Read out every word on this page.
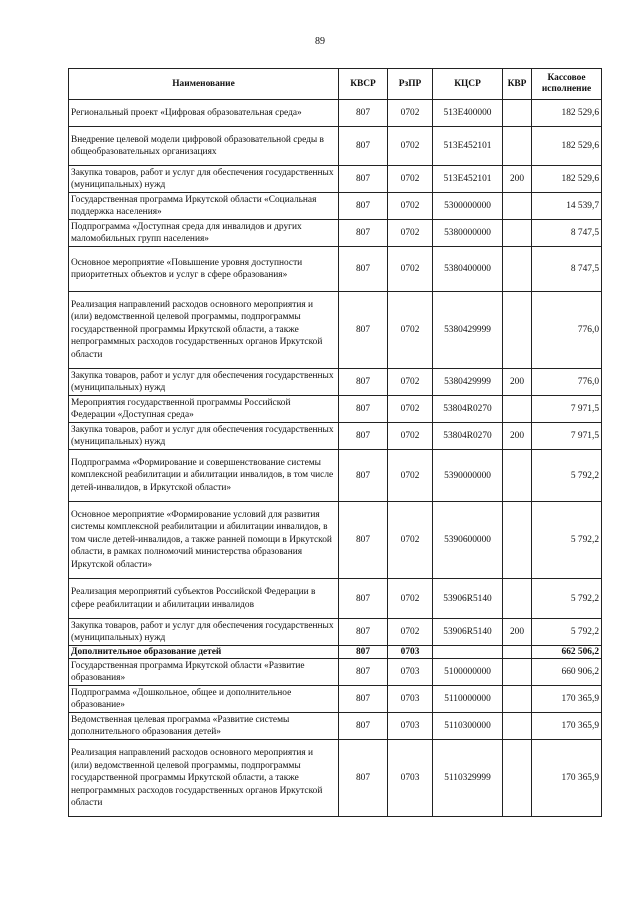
89
Наименование	КВСР	РзПР	КЦСР	КВР	Кассовое исполнение
Региональный проект «Цифровая образовательная среда»	807	0702	513E400000		182 529,6
Внедрение целевой модели цифровой образовательной среды в общеобразовательных организациях	807	0702	513E452101		182 529,6
Закупка товаров, работ и услуг для обеспечения государственных (муниципальных) нужд	807	0702	513E452101	200	182 529,6
Государственная программа Иркутской области «Социальная поддержка населения»	807	0702	5300000000		14 539,7
Подпрограмма «Доступная среда для инвалидов и других маломобильных групп населения»	807	0702	5380000000		8 747,5
Основное мероприятие «Повышение уровня доступности приоритетных объектов и услуг в сфере образования»	807	0702	5380400000		8 747,5
Реализация направлений расходов основного мероприятия и (или) ведомственной целевой программы, подпрограммы государственной программы Иркутской области, а также непрограммных расходов государственных органов Иркутской области	807	0702	5380429999		776,0
Закупка товаров, работ и услуг для обеспечения государственных (муниципальных) нужд	807	0702	5380429999	200	776,0
Мероприятия государственной программы Российской Федерации «Доступная среда»	807	0702	53804R0270		7 971,5
Закупка товаров, работ и услуг для обеспечения государственных (муниципальных) нужд	807	0702	53804R0270	200	7 971,5
Подпрограмма «Формирование и совершенствование системы комплексной реабилитации и абилитации инвалидов, в том числе детей-инвалидов, в Иркутской области»	807	0702	5390000000		5 792,2
Основное мероприятие «Формирование условий для развития системы комплексной реабилитации и абилитации инвалидов, в том числе детей-инвалидов, а также ранней помощи в Иркутской области, в рамках полномочий министерства образования Иркутской области»	807	0702	5390600000		5 792,2
Реализация мероприятий субъектов Российской Федерации в сфере реабилитации и абилитации инвалидов	807	0702	53906R5140		5 792,2
Закупка товаров, работ и услуг для обеспечения государственных (муниципальных) нужд	807	0702	53906R5140	200	5 792,2
Дополнительное образование детей	807	0703			662 506,2
Государственная программа Иркутской области «Развитие образования»	807	0703	5100000000		660 906,2
Подпрограмма «Дошкольное, общее и дополнительное образование»	807	0703	5110000000		170 365,9
Ведомственная целевая программа «Развитие системы дополнительного образования детей»	807	0703	5110300000		170 365,9
Реализация направлений расходов основного мероприятия и (или) ведомственной целевой программы, подпрограммы государственной программы Иркутской области, а также непрограммных расходов государственных органов Иркутской области	807	0703	5110329999		170 365,9
